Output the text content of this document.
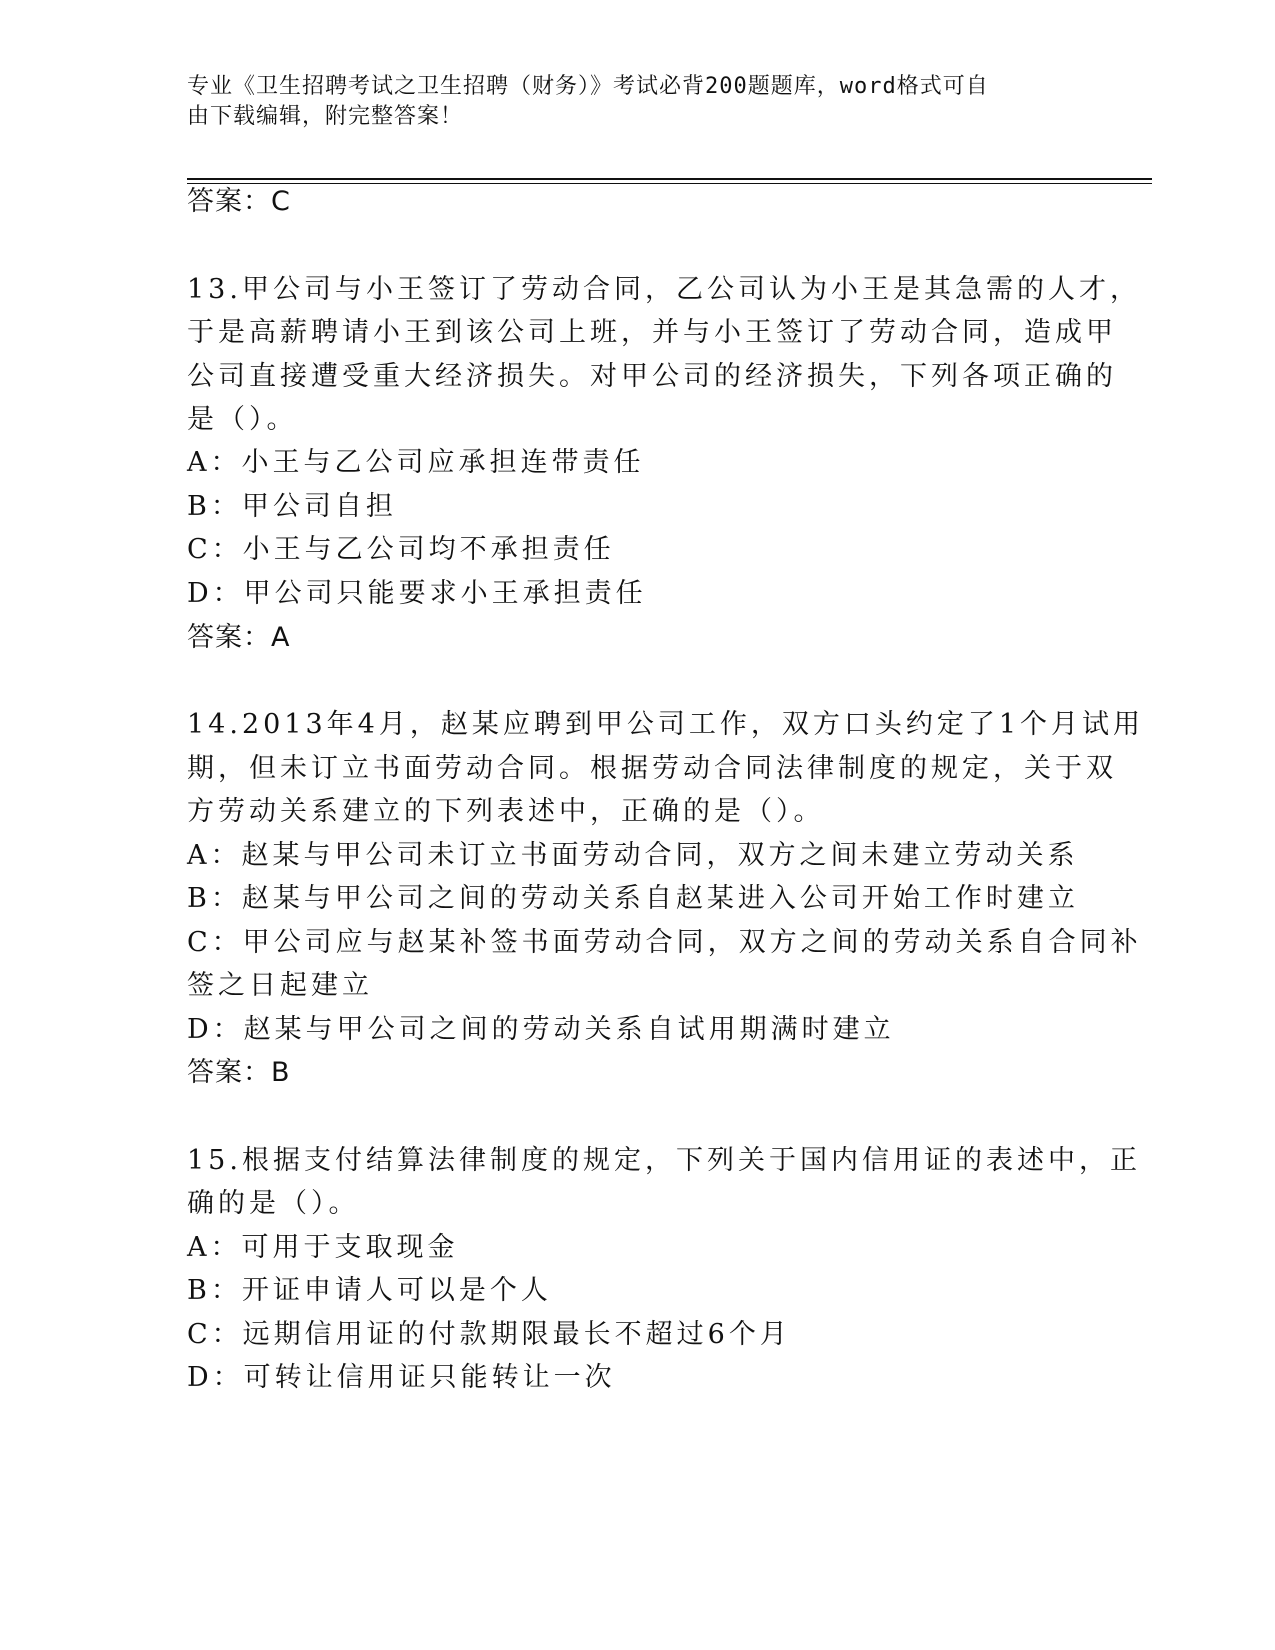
专业《卫生招聘考试之卫生招聘（财务）》考试必背200题题库，word格式可自
由下载编辑，附完整答案！
答案：C
13.甲公司与小王签订了劳动合同，乙公司认为小王是其急需的人才，
于是高薪聘请小王到该公司上班，并与小王签订了劳动合同，造成甲
公司直接遭受重大经济损失。对甲公司的经济损失，下列各项正确的
是（）。
A：小王与乙公司应承担连带责任
B：甲公司自担
C：小王与乙公司均不承担责任
D：甲公司只能要求小王承担责任
答案：A
14.2013年4月，赵某应聘到甲公司工作，双方口头约定了1个月试用
期，但未订立书面劳动合同。根据劳动合同法律制度的规定，关于双
方劳动关系建立的下列表述中，正确的是（）。
A：赵某与甲公司未订立书面劳动合同，双方之间未建立劳动关系
B：赵某与甲公司之间的劳动关系自赵某进入公司开始工作时建立
C：甲公司应与赵某补签书面劳动合同，双方之间的劳动关系自合同补
签之日起建立
D：赵某与甲公司之间的劳动关系自试用期满时建立
答案：B
15.根据支付结算法律制度的规定，下列关于国内信用证的表述中，正
确的是（）。
A：可用于支取现金
B：开证申请人可以是个人
C：远期信用证的付款期限最长不超过6个月
D：可转让信用证只能转让一次
